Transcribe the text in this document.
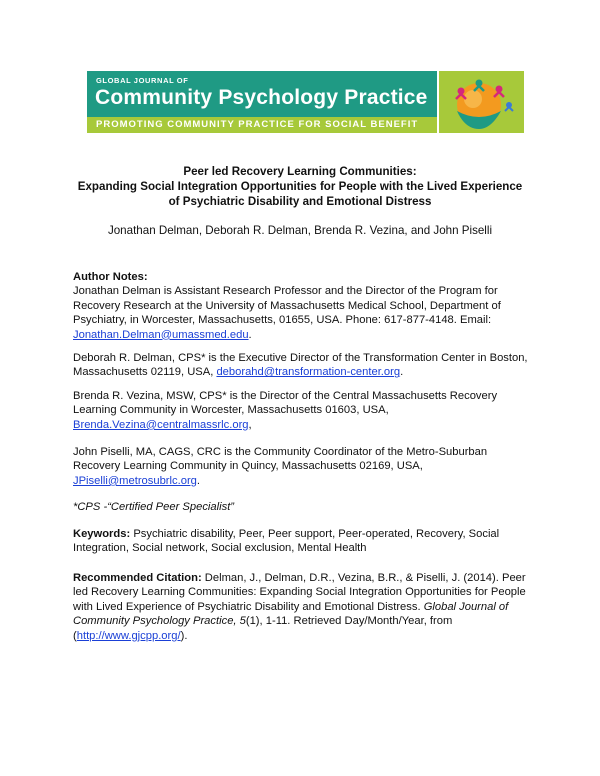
GLOBAL JOURNAL OF
Community Psychology Practice
PROMOTING COMMUNITY PRACTICE FOR SOCIAL BENEFIT
Peer led Recovery Learning Communities:
Expanding Social Integration Opportunities for People with the Lived Experience
of Psychiatric Disability and Emotional Distress
Jonathan Delman, Deborah R. Delman, Brenda R. Vezina, and John Piselli

Author Notes:

Jonathan Delman is Assistant Research Professor and the Director of the Program for Recovery Research at the University of Massachusetts Medical School, Department of Psychiatry, in Worcester, Massachusetts, 01655, USA. Phone: 617-877-4148. Email: Jonathan.Delman@umassmed.edu.

Deborah R. Delman, CPS* is the Executive Director of the Transformation Center in Boston, Massachusetts 02119, USA, deborahd@transformation-center.org.

Brenda R. Vezina, MSW, CPS* is the Director of the Central Massachusetts Recovery Learning Community in Worcester, Massachusetts 01603, USA, Brenda.Vezina@centralmassrlc.org,

John Piselli, MA, CAGS, CRC is the Community Coordinator of the Metro-Suburban Recovery Learning Community in Quincy, Massachusetts 02169, USA, JPiselli@metrosubrlc.org.

*CPS -“Certified Peer Specialist”

Keywords: Psychiatric disability, Peer, Peer support, Peer-operated, Recovery, Social Integration, Social network, Social exclusion, Mental Health

Recommended Citation: Delman, J., Delman, D.R., Vezina, B.R., & Piselli, J. (2014). Peer led Recovery Learning Communities: Expanding Social Integration Opportunities for People with Lived Experience of Psychiatric Disability and Emotional Distress. Global Journal of Community Psychology Practice, 5(1), 1-11. Retrieved Day/Month/Year, from (http://www.gjcpp.org/).
